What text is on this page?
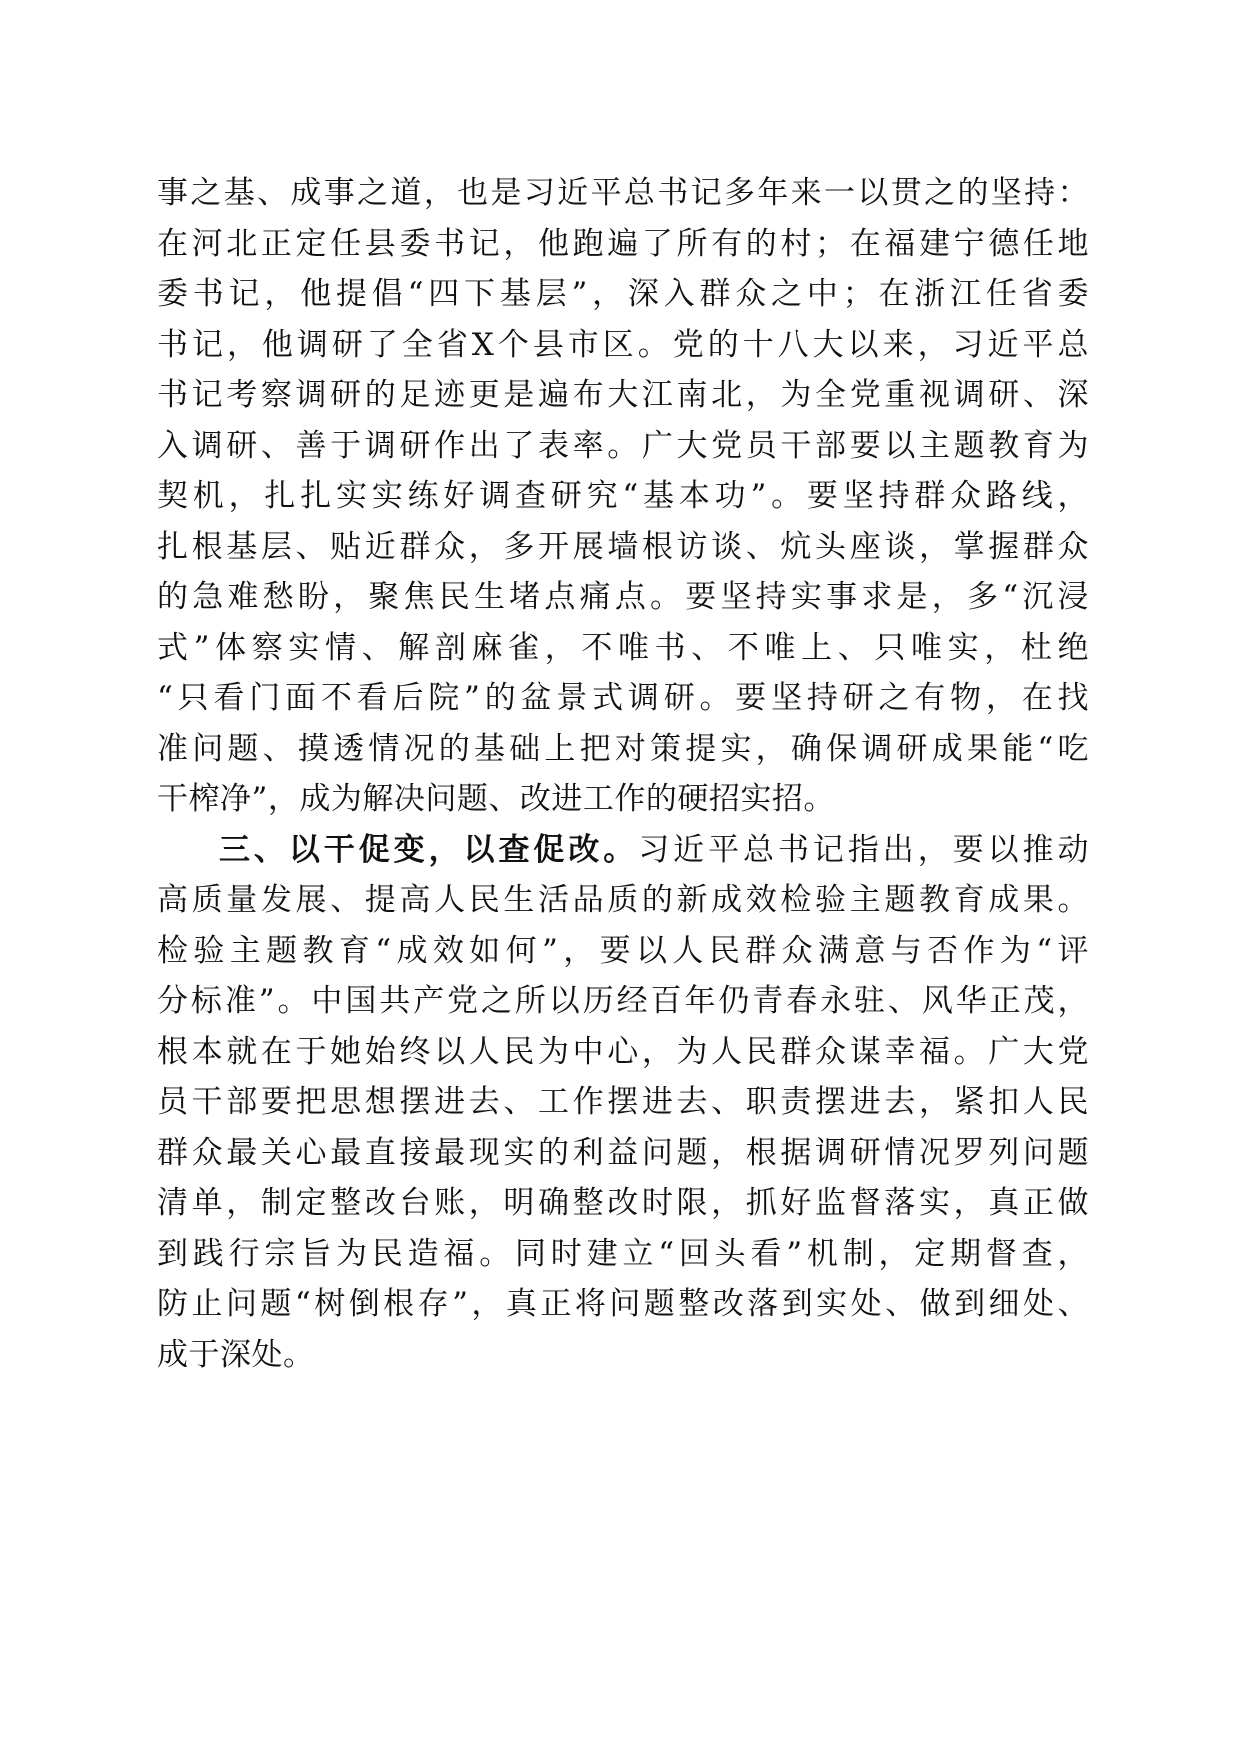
事之基、成事之道，也是习近平总书记多年来一以贯之的坚持：
在河北正定任县委书记，他跑遍了所有的村；在福建宁德任地
委书记，他提倡“四下基层”，深入群众之中；在浙江任省委
书记，他调研了全省X个县市区。党的十八大以来，习近平总
书记考察调研的足迹更是遍布大江南北，为全党重视调研、深
入调研、善于调研作出了表率。广大党员干部要以主题教育为
契机，扎扎实实练好调查研究“基本功”。要坚持群众路线，
扎根基层、贴近群众，多开展墙根访谈、炕头座谈，掌握群众
的急难愁盼，聚焦民生堵点痛点。要坚持实事求是，多“沉浸
式”体察实情、解剖麻雀，不唯书、不唯上、只唯实，杜绝
“只看门面不看后院”的盆景式调研。要坚持研之有物，在找
准问题、摸透情况的基础上把对策提实，确保调研成果能“吃
干榨净”，成为解决问题、改进工作的硬招实招。
三、以干促变，以查促改。习近平总书记指出，要以推动
高质量发展、提高人民生活品质的新成效检验主题教育成果。
检验主题教育“成效如何”，要以人民群众满意与否作为“评
分标准”。中国共产党之所以历经百年仍青春永驻、风华正茂，
根本就在于她始终以人民为中心，为人民群众谋幸福。广大党
员干部要把思想摆进去、工作摆进去、职责摆进去，紧扣人民
群众最关心最直接最现实的利益问题，根据调研情况罗列问题
清单，制定整改台账，明确整改时限，抓好监督落实，真正做
到践行宗旨为民造福。同时建立“回头看”机制，定期督查，
防止问题“树倒根存”，真正将问题整改落到实处、做到细处、
成于深处。
